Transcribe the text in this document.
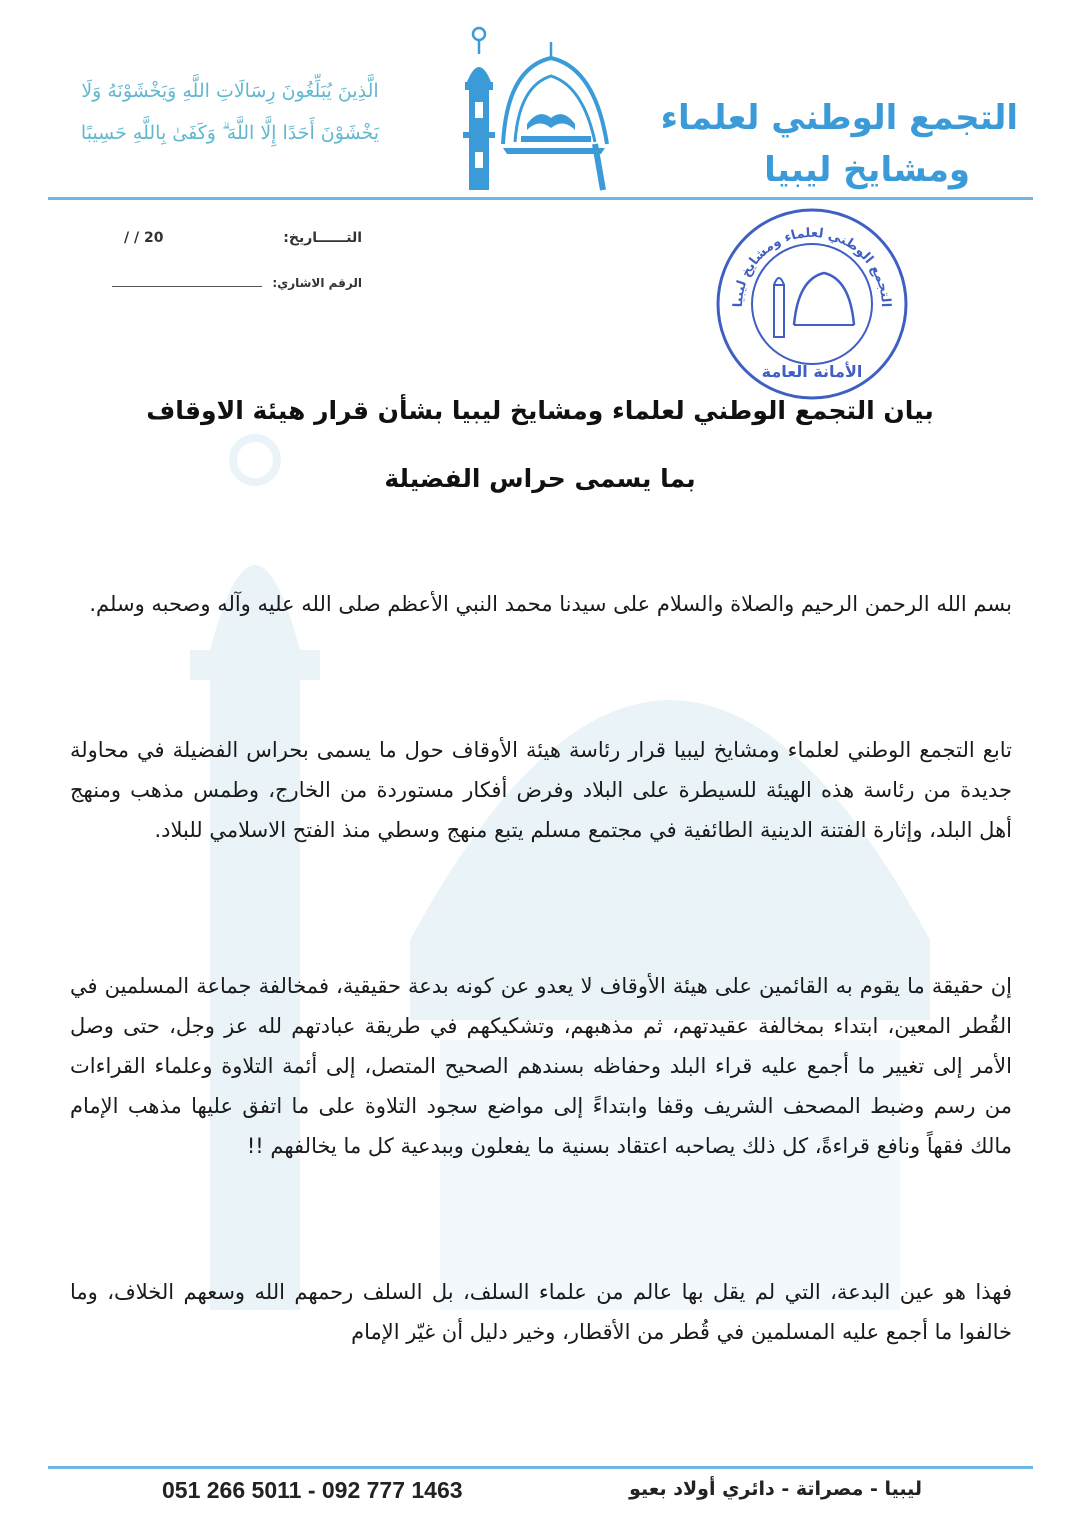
التجمع الوطني لعلماء
ومشايخ ليبيا
الَّذِينَ يُبَلِّغُونَ رِسَالَاتِ اللَّهِ وَيَخْشَوْنَهُ وَلَا
يَخْشَوْنَ أَحَدًا إِلَّا اللَّهَ ۗ وَكَفَىٰ بِاللَّهِ حَسِيبًا
التــــــاريخ:
/ / 20
الرقم الاشاري:
التجمع الوطني لعلماء ومشايخ ليبيا
الأمانة العامة
بيان التجمع الوطني لعلماء ومشايخ ليبيا بشأن قرار هيئة الاوقاف
بما يسمى حراس الفضيلة
بسم الله الرحمن الرحيم والصلاة والسلام على سيدنا محمد النبي الأعظم صلى الله عليه وآله وصحبه وسلم.
تابع التجمع الوطني لعلماء ومشايخ ليبيا قرار رئاسة هيئة الأوقاف حول ما يسمى بحراس الفضيلة في محاولة جديدة من رئاسة هذه الهيئة للسيطرة على البلاد وفرض أفكار مستوردة من الخارج، وطمس مذهب ومنهج أهل البلد، وإثارة الفتنة الدينية الطائفية في مجتمع مسلم يتبع منهج وسطي منذ الفتح الاسلامي للبلاد.
إن حقيقة ما يقوم به القائمين على هيئة الأوقاف لا يعدو عن كونه بدعة حقيقية، فمخالفة جماعة المسلمين في القُطر المعين، ابتداء بمخالفة عقيدتهم، ثم مذهبهم، وتشكيكهم في طريقة عبادتهم لله عز وجل، حتى وصل الأمر إلى تغيير ما أجمع عليه قراء البلد وحفاظه بسندهم الصحيح المتصل، إلى أئمة التلاوة وعلماء القراءات من رسم وضبط المصحف الشريف وقفا وابتداءً إلى مواضع سجود التلاوة على ما اتفق عليها مذهب الإمام مالك فقهاً ونافع قراءةً، كل ذلك يصاحبه اعتقاد بسنية ما يفعلون وببدعية كل ما يخالفهم !!
فهذا هو عين البدعة، التي لم يقل بها عالم من علماء السلف، بل السلف رحمهم الله وسعهم الخلاف، وما خالفوا ما أجمع عليه المسلمين في قُطر من الأقطار، وخير دليل أن غيّر الإمام
ليبيا - مصراتة - دائري أولاد بعيو
051 266 5011 - 092 777 1463
